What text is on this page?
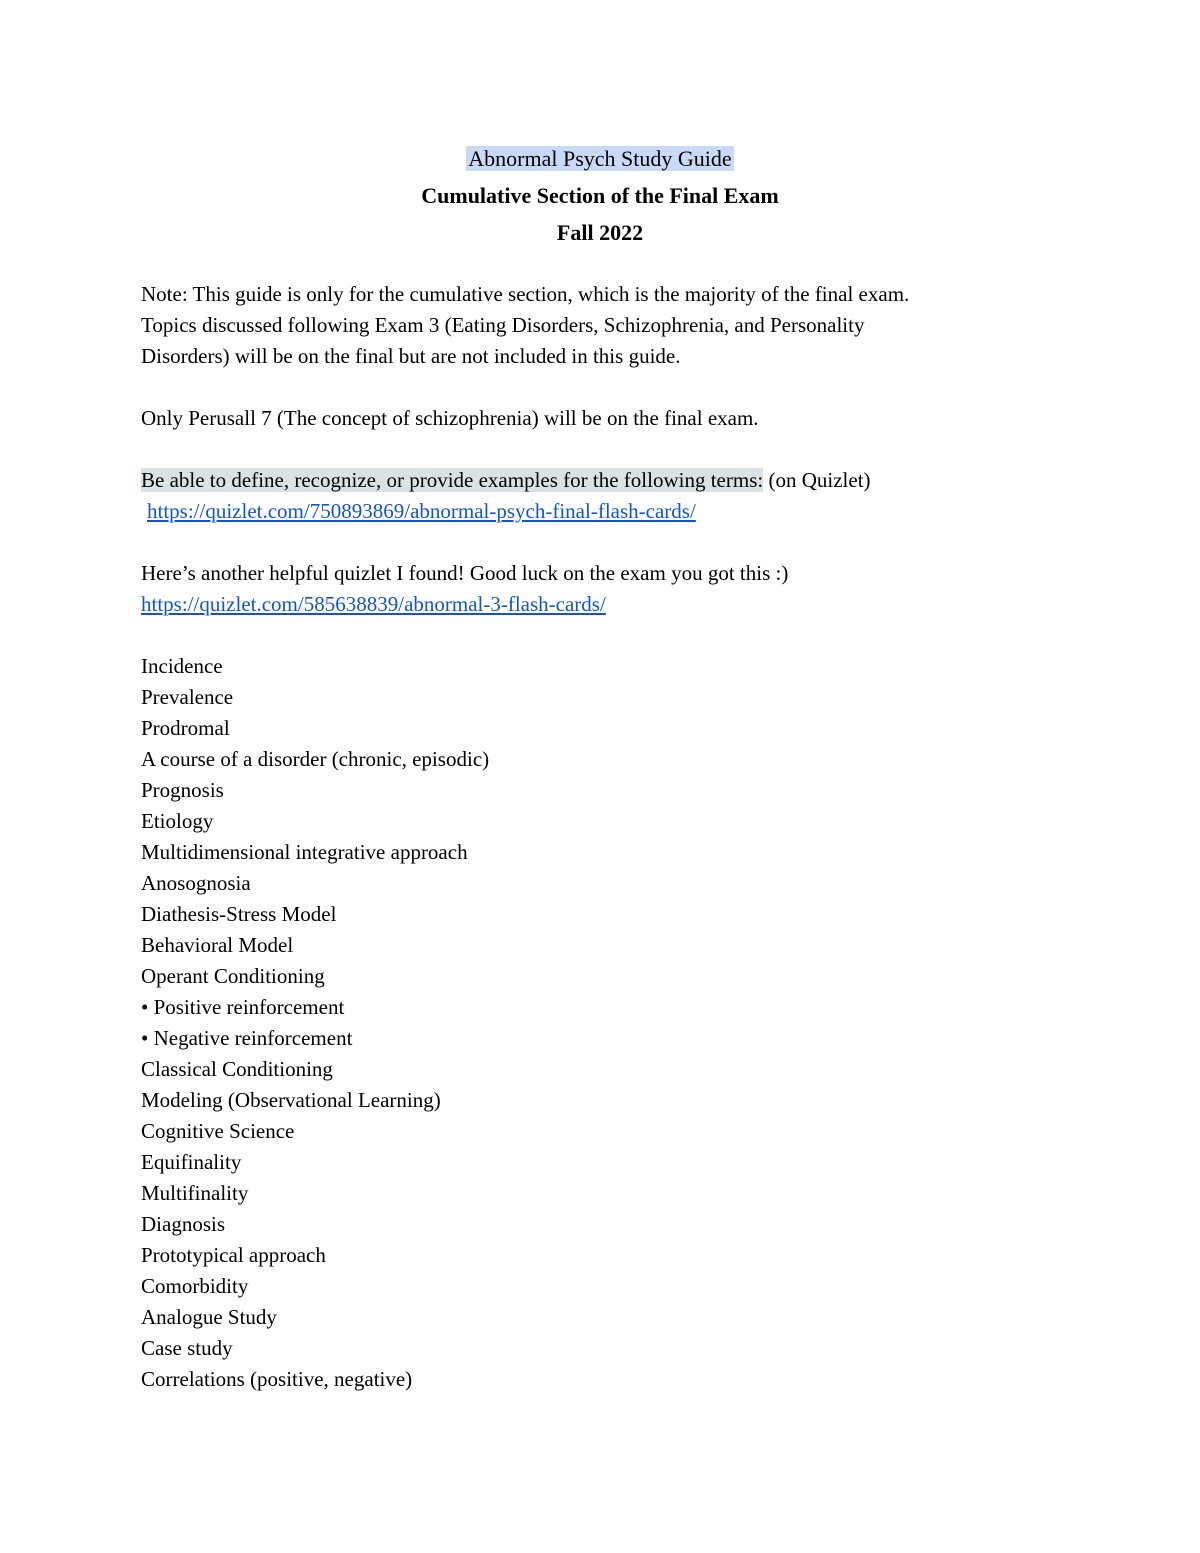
Abnormal Psych Study Guide
Cumulative Section of the Final Exam
Fall 2022
Note: This guide is only for the cumulative section, which is the majority of the final exam.
Topics discussed following Exam 3 (Eating Disorders, Schizophrenia, and Personality
Disorders) will be on the final but are not included in this guide.
Only Perusall 7 (The concept of schizophrenia) will be on the final exam.
Be able to define, recognize, or provide examples for the following terms: (on Quizlet)
https://quizlet.com/750893869/abnormal-psych-final-flash-cards/
Here’s another helpful quizlet I found! Good luck on the exam you got this :)
https://quizlet.com/585638839/abnormal-3-flash-cards/
Incidence
Prevalence
Prodromal
A course of a disorder (chronic, episodic)
Prognosis
Etiology
Multidimensional integrative approach
Anosognosia
Diathesis-Stress Model
Behavioral Model
Operant Conditioning
• Positive reinforcement
• Negative reinforcement
Classical Conditioning
Modeling (Observational Learning)
Cognitive Science
Equifinality
Multifinality
Diagnosis
Prototypical approach
Comorbidity
Analogue Study
Case study
Correlations (positive, negative)
